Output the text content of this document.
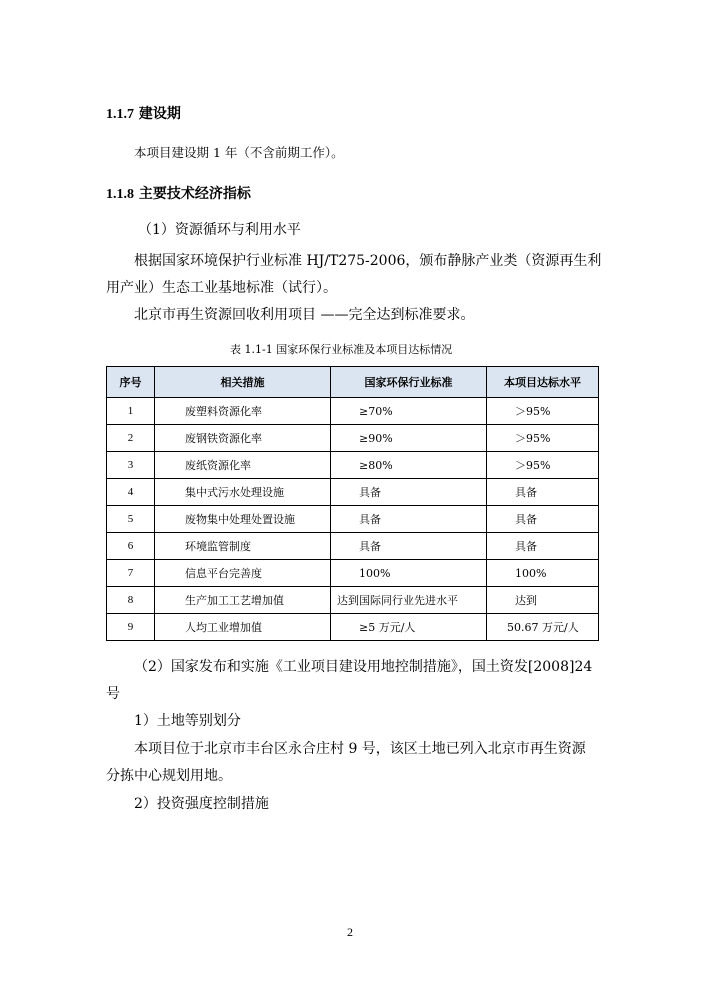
1.1.7 建设期
本项目建设期 1 年（不含前期工作）。
1.1.8 主要技术经济指标
（1）资源循环与利用水平
根据国家环境保护行业标准 HJ/T275-2006，颁布静脉产业类（资源再生利
用产业）生态工业基地标准（试行）。
北京市再生资源回收利用项目 ——完全达到标准要求。
表 1.1-1 国家环保行业标准及本项目达标情况
序号	相关措施	国家环保行业标准	本项目达标水平
1	废塑料资源化率	≥70%	＞95%
2	废钢铁资源化率	≥90%	＞95%
3	废纸资源化率	≥80%	＞95%
4	集中式污水处理设施	具备	具备
5	废物集中处理处置设施	具备	具备
6	环境监管制度	具备	具备
7	信息平台完善度	100%	100%
8	生产加工工艺增加值	达到国际同行业先进水平	达到
9	人均工业增加值	≥5 万元/人	50.67 万元/人
（2）国家发布和实施《工业项目建设用地控制措施》，国土资发[2008]24
号
1）土地等别划分
本项目位于北京市丰台区永合庄村 9 号，该区土地已列入北京市再生资源
分拣中心规划用地。
2）投资强度控制措施
2
